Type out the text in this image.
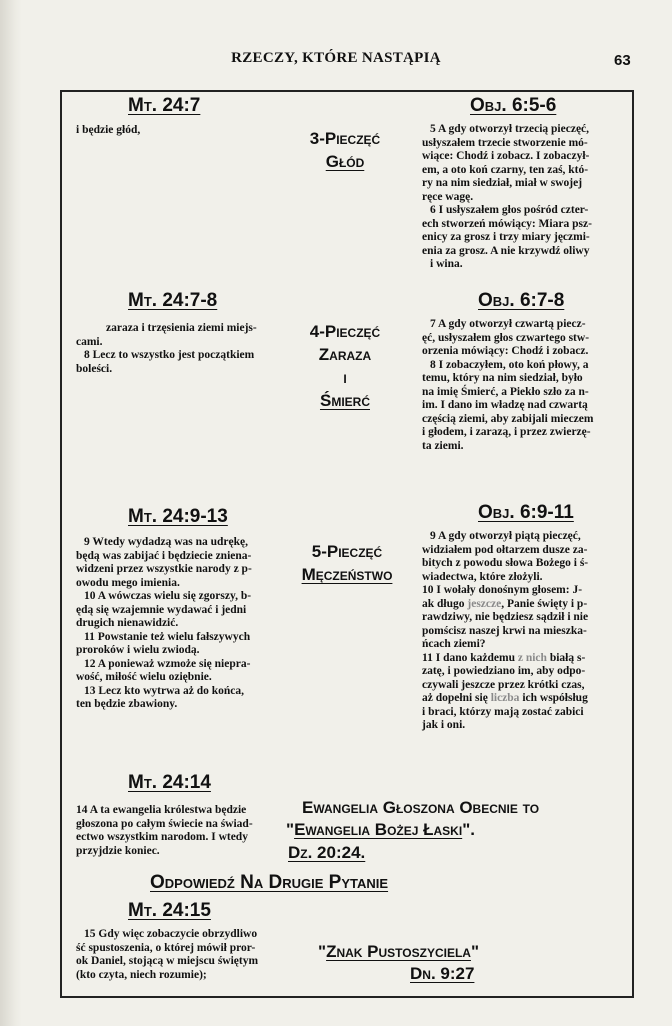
RZECZY, KTÓRE NASTĄPIĄ	63
Mt. 24:7
i będzie głód,	3-Pieczęć
Głód
Obj. 6:5-6

5 A gdy otworzył trzecią pieczęć,

usłyszałem trzecie stworzenie mó-

wiące: Chodź i zobacz. I zobaczył-

em, a oto koń czarny, ten zaś, któ-

ry na nim siedział, miał w swojej

ręce wagę.

6 I usłyszałem głos pośród czter-

ech stworzeń mówiący: Miara psz-

enicy za grosz i trzy miary jęczmi-

enia za grosz. A nie krzywdź oliwy

i wina.

Mt. 24:7-8

zaraza i trzęsienia ziemi miejs-

cami.

8 Lecz to wszystko jest początkiem

boleści.

4-Pieczęć
Zaraza
i
Śmierć
Obj. 6:7-8

7 A gdy otworzył czwartą piecz-

ęć, usłyszałem głos czwartego stw-

orzenia mówiący: Chodź i zobacz.

8 I zobaczyłem, oto koń płowy, a

temu, który na nim siedział, było

na imię Śmierć, a Piekło szło za n-

im. I dano im władzę nad czwartą

częścią ziemi, aby zabijali mieczem

i głodem, i zarazą, i przez zwierzę-

ta ziemi.

Mt. 24:9-13

9 Wtedy wydadzą was na udrękę,

będą was zabijać i będziecie zniena-

widzeni przez wszystkie narody z p-

owodu mego imienia.

10 A wówczas wielu się zgorszy, b-

ędą się wzajemnie wydawać i jedni

drugich nienawidzić.

11 Powstanie też wielu fałszywych

proroków i wielu zwiodą.

12 A ponieważ wzmoże się niepra-

wość, miłość wielu oziębnie.

13 Lecz kto wytrwa aż do końca,

ten będzie zbawiony.

5-Pieczęć
Męczeństwo
Obj. 6:9-11

9 A gdy otworzył piątą pieczęć,

widziałem pod ołtarzem dusze za-

bitych z powodu słowa Bożego i ś-

wiadectwa, które złożyli.

10 I wołały donośnym głosem: J-

ak długo jeszcze, Panie święty i p-

rawdziwy, nie będziesz sądził i nie

pomścisz naszej krwi na mieszka-

ńcach ziemi?

11 I dano każdemu z nich białą s-

zatę, i powiedziano im, aby odpo-

czywali jeszcze przez krótki czas,

aż dopełni się liczba ich współsług

i braci, którzy mają zostać zabici

jak i oni.

Mt. 24:14

14 A ta ewangelia królestwa będzie

głoszona po całym świecie na świad-

ectwo wszystkim narodom. I wtedy

przyjdzie koniec.

Ewangelia Głoszona Obecnie to
"Ewangelia Bożej Łaski".
Dz. 20:24.
Odpowiedź Na Drugie Pytanie
Mt. 24:15

15 Gdy więc zobaczycie obrzydliwo

ść spustoszenia, o której mówił pror-

ok Daniel, stojącą w miejscu świętym

(kto czyta, niech rozumie);

"Znak Pustoszyciela"
Dn. 9:27
